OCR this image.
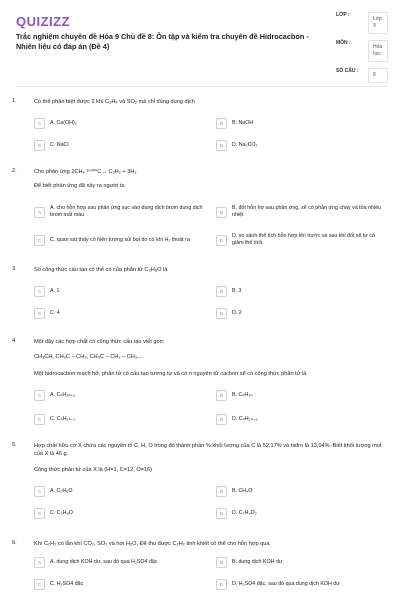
QUIZIZZ
Trắc nghiệm chuyên đề Hóa 9 Chủ đề 8: Ôn tập và kiểm tra chuyên đề Hidrocacbon - Nhiên liệu có đáp án (Đề 4)
LỚP :
Lớp 9
MÔN :
Hóa học
SỐ CÂU :
8
1.	Có thể phân biệt được 2 khí C₂H₄ và SO₂ mà chỉ dùng dung dịch
A	A. Ca(OH)₂	B	B. NaOH
C	C. NaCl	D	D. Na₂CO₃
2.	Cho phản ứng 2CH₄ ¹⁵⁰⁰°C→ C₂H₂ + 3H₂
Để biết phản ứng đã xảy ra người ta
A
A. cho hỗn hợp sau phản ứng sục vào dung dịch brom dung dịch brom mất màu	B
B. đốt hỗn hợ sau phản ứng, sẽ có phản ứng cháy và tỏa nhiều nhiệt
C	C. quan sát thấy có hiện tượng sủi bọt do có khí H₂ thoát ra	D
D. so sánh thể tích hỗn hợp khí trước và sau khi đốt sẽ tự có giảm thể tích.
3.	Số công thức cấu tạo có thể có của phân tử C₃H₈O là
A	A. 1	B	B. 3
C	C. 4	D	D. 2
4.	Một dãy các hợp chất có công thức cấu tạo viết gọn:
CH₃CH, CH₃C – CH₃, CH₃C – CH₂ – CH₃,...
Một hidrocacbon mạch hở, phân tử có cấu tạo tương tự và có n nguyên tử cacbon sẽ có công thức phân tử là
A	A. CₙH₂ₙ₊₂	B	B. CₙH₃ₙ
C	C. CₙH₂ₙ₋₂	D	D. CₙH₂ₙ₋₆
5.	Hợp chất hữu cơ X chứa các nguyên tố C, H, O trong đó thành phần % khối lượng của C là 52,17% và hiđro là 13,04%. Biết khối lượng mol của X là 46 g.
Công thức phân tử của X là (H=1, C=12, O=16)
A	A. C₂H₆O	B	B. CH₄O
C	C. C₃H₈O	D	D. C₂H₄O₂
6.	Khí C₂H₂ có lẫn khí CO₂, SO₂ và hơi H₂O. Để thu được C₂H₂ tinh khiết có thể cho hỗn hợp qua
A	A. dung dịch KOH dư, sau đó qua H₂SO4 đặc	B	B. dung dịch KOH dư
C	C. H₂SO4 đặc	D	D. H₂SO4 đặc, sau đó qua dung dịch KOH dư
